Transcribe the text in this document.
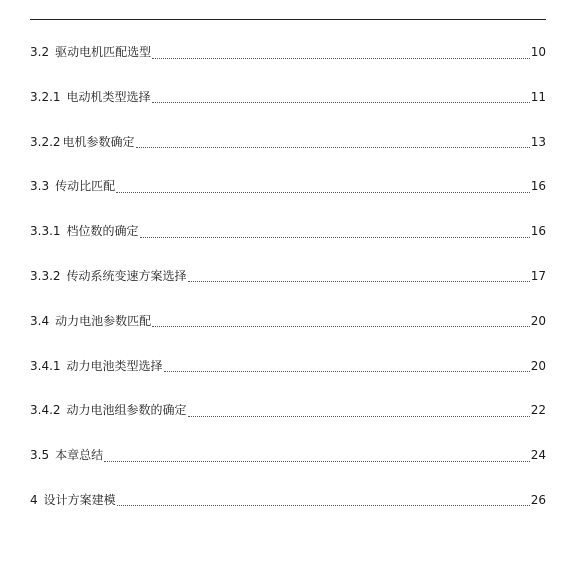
3.2 驱动电机匹配选型	10
3.2.1 电动机类型选择	11
3.2.2 电机参数确定	13
3.3 传动比匹配	16
3.3.1 档位数的确定	16
3.3.2 传动系统变速方案选择	17
3.4 动力电池参数匹配	20
3.4.1 动力电池类型选择	20
3.4.2 动力电池组参数的确定	22
3.5 本章总结	24
4 设计方案建模	26
